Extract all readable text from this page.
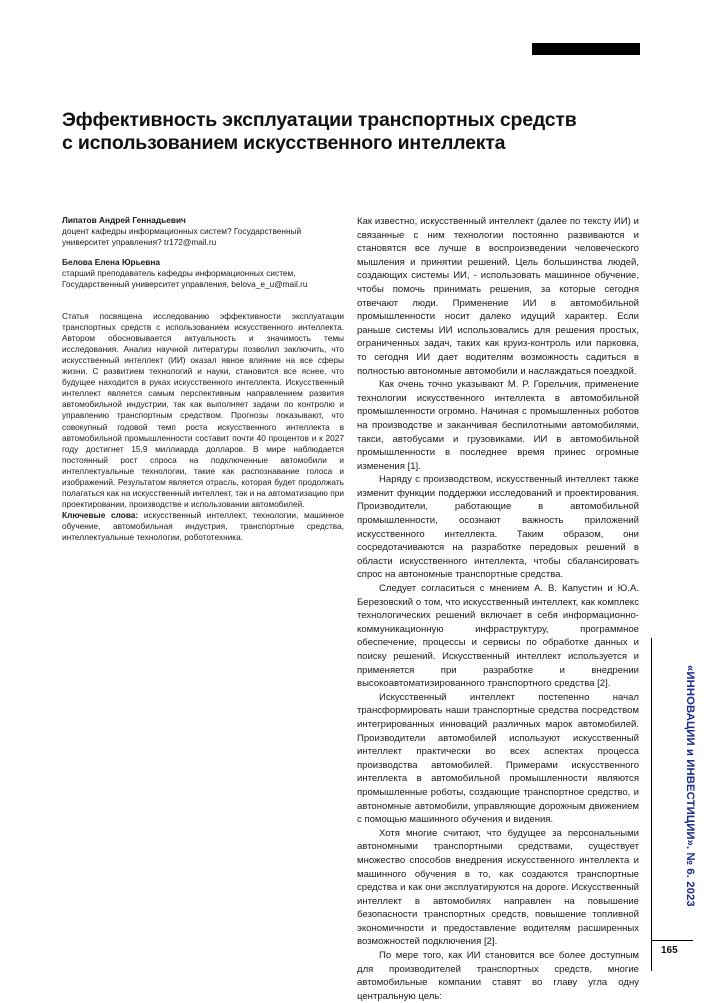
Эффективность эксплуатации транспортных средств
с использованием искусственного интеллекта
Липатов Андрей Геннадьевич
доцент кафедры информационных систем? Государственный университет управления? tr172@mail.ru
Белова Елена Юрьевна
старший преподаватель кафедры информационных систем, Государственный университет управления, belova_e_u@mail.ru
Статья посвящена исследованию эффективности эксплуатации транспортных средств с использованием искусственного интеллекта. Автором обосновывается актуальность и значимость темы исследования. Анализ научной литературы позволил заключить, что искусственный интеллект (ИИ) оказал явное влияние на все сферы жизни. С развитием технологий и науки, становится все яснее, что будущее находится в руках искусственного интеллекта. Искусственный интеллект является самым перспективным направлением развития автомобильной индустрии, так как выполняет задачи по контролю и управлению транспортным средством. Прогнозы показывают, что совокупный годовой темп роста искусственного интеллекта в автомобильной промышленности составит почти 40 процентов и к 2027 году достигнет 15,9 миллиарда долларов. В мире наблюдается постоянный рост спроса на подключенные автомобили и интеллектуальные технологии, такие как распознавание голоса и изображений. Результатом является отрасль, которая будет продолжать полагаться как на искусственный интеллект, так и на автоматизацию при проектировании, производстве и использовании автомобилей.
Ключевые слова: искусственный интеллект, технологии, машинное обучение, автомобильная индустрия, транспортные средства, интеллектуальные технологии, робототехника.

Как известно, искусственный интеллект (далее по тексту ИИ) и связанные с ним технологии постоянно развиваются и становятся все лучше в воспроизведении человеческого мышления и принятии решений. Цель большинства людей, создающих системы ИИ, - использовать машинное обучение, чтобы помочь принимать решения, за которые сегодня отвечают люди. Применение ИИ в автомобильной промышленности носит далеко идущий характер. Если раньше системы ИИ использовались для решения простых, ограниченных задач, таких как круиз-контроль или парковка, то сегодня ИИ дает водителям возможность садиться в полностью автономные автомобили и наслаждаться поездкой.

Как очень точно указывают М. Р. Горельчик, применение технологии искусственного интеллекта в автомобильной промышленности огромно. Начиная с промышленных роботов на производстве и заканчивая беспилотными автомобилями, такси, автобусами и грузовиками. ИИ в автомобильной промышленности в последнее время принес огромные изменения [1].

Наряду с производством, искусственный интеллект также изменит функции поддержки исследований и проектирования. Производители, работающие в автомобильной промышленности, осознают важность приложений искусственного интеллекта. Таким образом, они сосредотачиваются на разработке передовых решений в области искусственного интеллекта, чтобы сбалансировать спрос на автономные транспортные средства.

Следует согласиться с мнением А. В. Капустин и Ю.А. Березовский о том, что искусственный интеллект, как комплекс технологических решений включает в себя информационно-коммуникационную инфраструктуру, программное обеспечение, процессы и сервисы по обработке данных и поиску решений. Искусственный интеллект используется и применяется при разработке и внедрении высокоавтоматизированного транспортного средства [2].

Искусственный интеллект постепенно начал трансформировать наши транспортные средства посредством интегрированных инноваций различных марок автомобилей. Производители автомобилей используют искусственный интеллект практически во всех аспектах процесса производства автомобилей. Примерами искусственного интеллекта в автомобильной промышленности являются промышленные роботы, создающие транспортное средство, и автономные автомобили, управляющие дорожным движением с помощью машинного обучения и видения.

Хотя многие считают, что будущее за персональными автономными транспортными средствами, существует множество способов внедрения искусственного интеллекта и машинного обучения в то, как создаются транспортные средства и как они эксплуатируются на дороге. Искусственный интеллект в автомобилях направлен на повышение безопасности транспортных средств, повышение топливной экономичности и предоставление водителям расширенных возможностей подключения [2].

По мере того, как ИИ становится все более доступным для производителей транспортных средств, многие автомобильные компании ставят во главу угла одну центральную цель:

«ИННОВАЦИИ и ИНВЕСТИЦИИ». № 6. 2023
165
